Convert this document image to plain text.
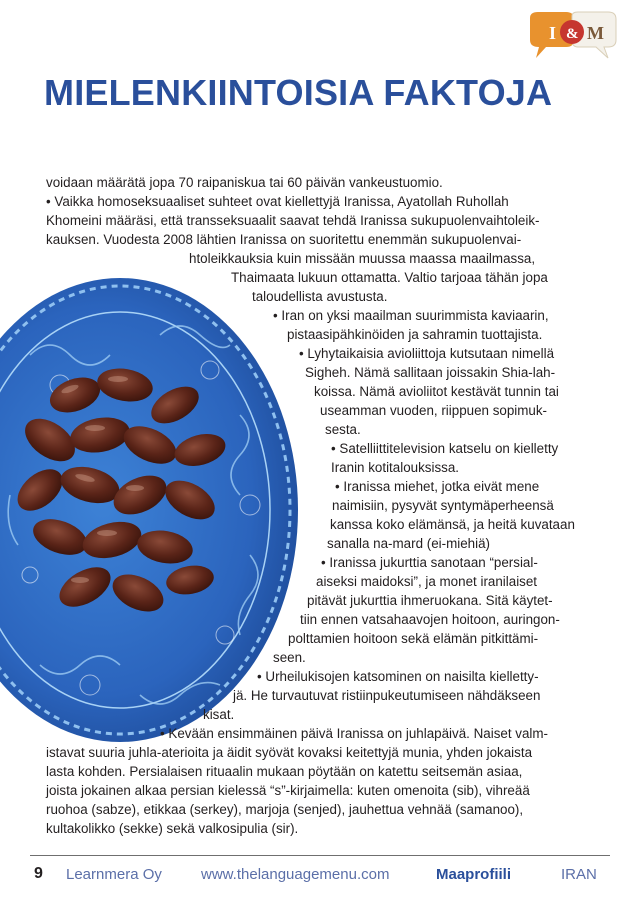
I & M
MIELENKIINTOISIA FAKTOJA
voidaan määrätä jopa 70 raipaniskua tai 60 päivän vankeustuomio.
• Vaikka homoseksuaaliset suhteet ovat kiellettyjä Iranissa, Ayatollah Ruhollah
Khomeini määräsi, että transseksuaalit saavat tehdä Iranissa sukupuolenvaihtoleik-
kauksen. Vuodesta 2008 lähtien Iranissa on suoritettu enemmän sukupuolenvai-
htoleikkauksia kuin missään muussa maassa maailmassa,
Thaimaata lukuun ottamatta. Valtio tarjoaa tähän jopa
taloudellista avustusta.
• Iran on yksi maailman suurimmista kaviaarin,
pistaasipähkinöiden ja sahramin tuottajista.
• Lyhytaikaisia avioliittoja kutsutaan nimellä
Sigheh. Nämä sallitaan joissakin Shia-lah-
koissa. Nämä avioliitot kestävät tunnin tai
useamman vuoden, riippuen sopimuk-
sesta.
• Satelliittitelevision katselu on kielletty
Iranin kotitalouksissa.
• Iranissa miehet, jotka eivät mene
naimisiin, pysyvät syntymäperheensä
kanssa koko elämänsä, ja heitä kuvataan
sanalla na-mard (ei-miehiä)
• Iranissa jukurttia sanotaan “persial-
aiseksi maidoksi”, ja monet iranilaiset
pitävät jukurttia ihmeruokana. Sitä käytet-
tiin ennen vatsahaavojen hoitoon, auringon-
polttamien hoitoon sekä elämän pitkittämi-
seen.
• Urheilukisojen katsominen on naisilta kielletty-
jä. He turvautuvat ristiinpukeutumiseen nähdäkseen
kisat.
• Kevään ensimmäinen päivä Iranissa on juhlapäivä. Naiset valm-
istavat suuria juhla-aterioita ja äidit syövät kovaksi keitettyjä munia, yhden jokaista
lasta kohden. Persialaisen rituaalin mukaan pöytään on katettu seitsemän asiaa,
joista jokainen alkaa persian kielessä “s”-kirjaimella: kuten omenoita (sib), vihreää
ruohoa (sabze), etikkaa (serkey), marjoja (senjed), jauhettua vehnää (samanoo),
kultakolikko (sekke) sekä valkosipulia (sir).
9 Learnmera Oy	www.thelanguagemenu.com	Maaprofiili	IRAN
